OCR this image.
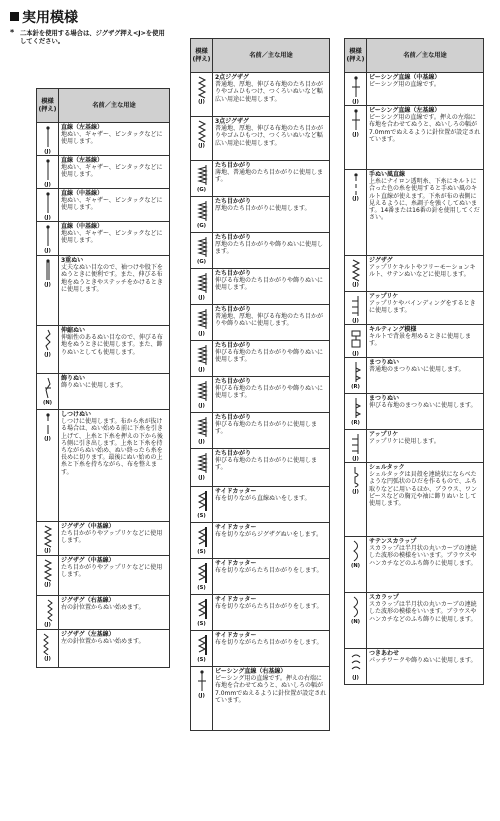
実用模様
* 二本針を使用する場合は、ジグザグ押え<J>を使用してください。
模様
(押え)	名前／主な用途

(J)	直線（左基線）
地ぬい、ギャザー、ピンタックなどに使用します。

(J)	直線（左基線）
地ぬい、ギャザー、ピンタックなどに使用します。

(J)	直線（中基線）
地ぬい、ギャザー、ピンタックなどに使用します。

(J)	直線（中基線）
地ぬい、ギャザー、ピンタックなどに使用します。

(J)	3重ぬい
丈夫なぬい目なので、袖つけや股下をぬうときに便利です。また、伸びる布地をぬうときやステッチをかけるときに使用します。

(J)	伸縮ぬい
伸縮性のあるぬい目なので、伸びる布地をぬうときに使用します。また、飾りぬいとしても使用します。

(N)	飾りぬい
飾りぬいに使用します。

(J)	しつけぬい
しつけに使用します。布から糸が抜ける場合は、ぬい始める前に下糸を引き上げて、上糸と下糸を押えの下から後ろ側に引き出します。上糸と下糸を持ちながらぬい始め、ぬい終ったら糸を長めに切ります。最後にぬい始めの上糸と下糸を持ちながら、布を整えます。

(J)	ジグザグ（中基線）
たち目かがりやアップリケなどに使用します。

(J)	ジグザグ（中基線）
たち目かがりやアップリケなどに使用します。

(J)	ジグザグ（右基線）
右の針位置からぬい始めます。

(J)	ジグザグ（左基線）
左の針位置からぬい始めます。
模様
(押え)	名前／主な用途

(J)	2点ジグザグ
普通地、厚地、伸びる布地のたち目かがりやゴムひもつけ、つくろいぬいなど幅広い用途に使用します。

(J)	3点ジグザグ
普通地、厚地、伸びる布地のたち目かがりやゴムひもつけ、つくろいぬいなど幅広い用途に使用します。

(G)	たち目かがり
薄地、普通地のたち目かがりに使用します。

(G)	たち目かがり
厚地のたち目かがりに使用します。

(G)	たち目かがり
厚地のたち目かがりや飾りぬいに使用します。

(J)	たち目かがり
伸びる布地のたち目かがりや飾りぬいに使用します。

(J)	たち目かがり
普通地、厚地、伸びる布地のたち目かがりや飾りぬいに使用します。

(J)	たち目かがり
伸びる布地のたち目かがりや飾りぬいに使用します。

(J)	たち目かがり
伸びる布地のたち目かがりや飾りぬいに使用します。

(J)	たち目かがり
伸びる布地のたち目かがりに使用します。

(J)	たち目かがり
伸びる布地のたち目かがりに使用します。

(S)	サイドカッター
布を切りながら直線ぬいをします。

(S)	サイドカッター
布を切りながらジグザグぬいをします。

(S)	サイドカッター
布を切りながらたち目かがりをします。

(S)	サイドカッター
布を切りながらたち目かがりをします。

(S)	サイドカッター
布を切りながらたち目かがりをします。

(J)	ピーシング直線（右基線）
ピーシング用の直線です。押えの右端に布地を合わせてぬうと、ぬいしろの幅が7.0mmでぬえるように針位置が設定されています。
模様
(押え)	名前／主な用途

(J)	ピーシング直線（中基線）
ピーシング用の直線です。

(J)	ピーシング直線（左基線）
ピーシング用の直線です。押えの左端に布地を合わせてぬうと、ぬいしろの幅が7.0mmでぬえるように針位置が設定されています。

(J)	手ぬい風直線
上糸にナイロン透明糸、下糸にキルトに合った色の糸を使用すると手ぬい風のキルト直線が使えます。下糸が布の表側に見えるように、糸調子を強くしてぬいます。14番または16番の針を使用してください。

(J)	ジグザグ
アップリケキルトやフリーモーションキルト、サテンぬいなどに使用します。

(J)	アップリケ
アップリケやバインディングをするときに使用します。

(J)	キルティング模様
キルトで背景を埋めるときに使用します。

(R)	まつりぬい
普通地のまつりぬいに使用します。

(R)	まつりぬい
伸びる布地のまつりぬいに使用します。

(J)	アップリケ
アップリケに使用します。

(J)	シェルタック
シェルタックは貝殻を連続状にならべたような円弧状のひだを作るもので、ふち取りなどに用いるほか、ブラウス、ワンピースなどの胸元や袖に飾りぬいとして使用します。

(N)	サテンスカラップ
スカラップは半月状の丸いカーブの連続した波形の模様をいいます。ブラウスやハンカチなどのふち飾りに使用します。

(N)	スカラップ
スカラップは半月状の丸いカーブの連続した波形の模様をいいます。ブラウスやハンカチなどのふち飾りに使用します。

(J)	つきあわせ
パッチワークや飾りぬいに使用します。
